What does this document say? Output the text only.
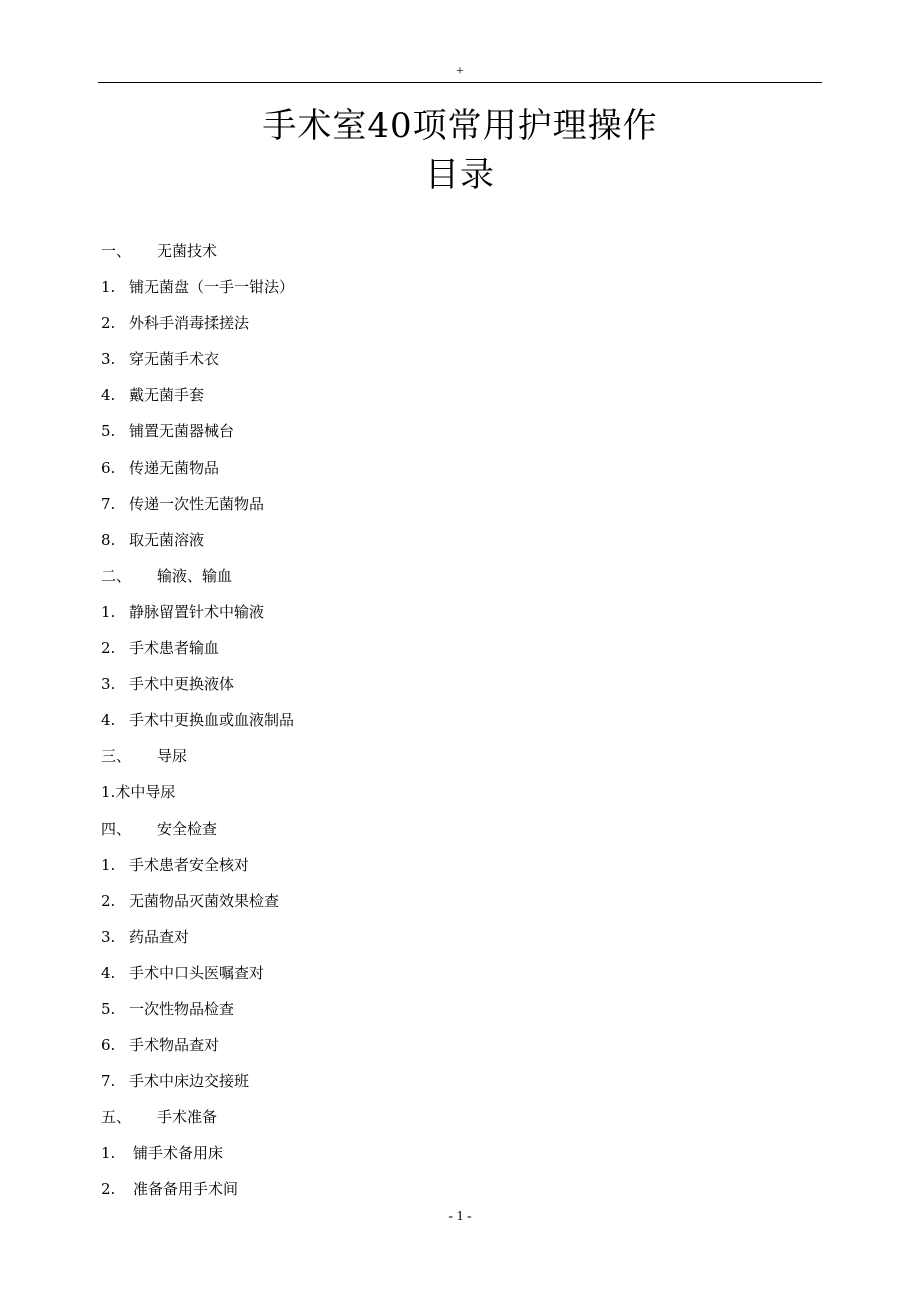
+
手术室40项常用护理操作
目录
一、 无菌技术
1. 铺无菌盘（一手一钳法）
2. 外科手消毒揉搓法
3. 穿无菌手术衣
4. 戴无菌手套
5. 铺置无菌器械台
6. 传递无菌物品
7. 传递一次性无菌物品
8. 取无菌溶液
二、 输液、输血
1. 静脉留置针术中输液
2. 手术患者输血
3. 手术中更换液体
4. 手术中更换血或血液制品
三、 导尿
1.术中导尿
四、 安全检查
1. 手术患者安全核对
2. 无菌物品灭菌效果检查
3. 药品查对
4. 手术中口头医嘱查对
5. 一次性物品检查
6. 手术物品查对
7. 手术中床边交接班
五、 手术准备
1. 铺手术备用床
2. 准备备用手术间
- 1 -
